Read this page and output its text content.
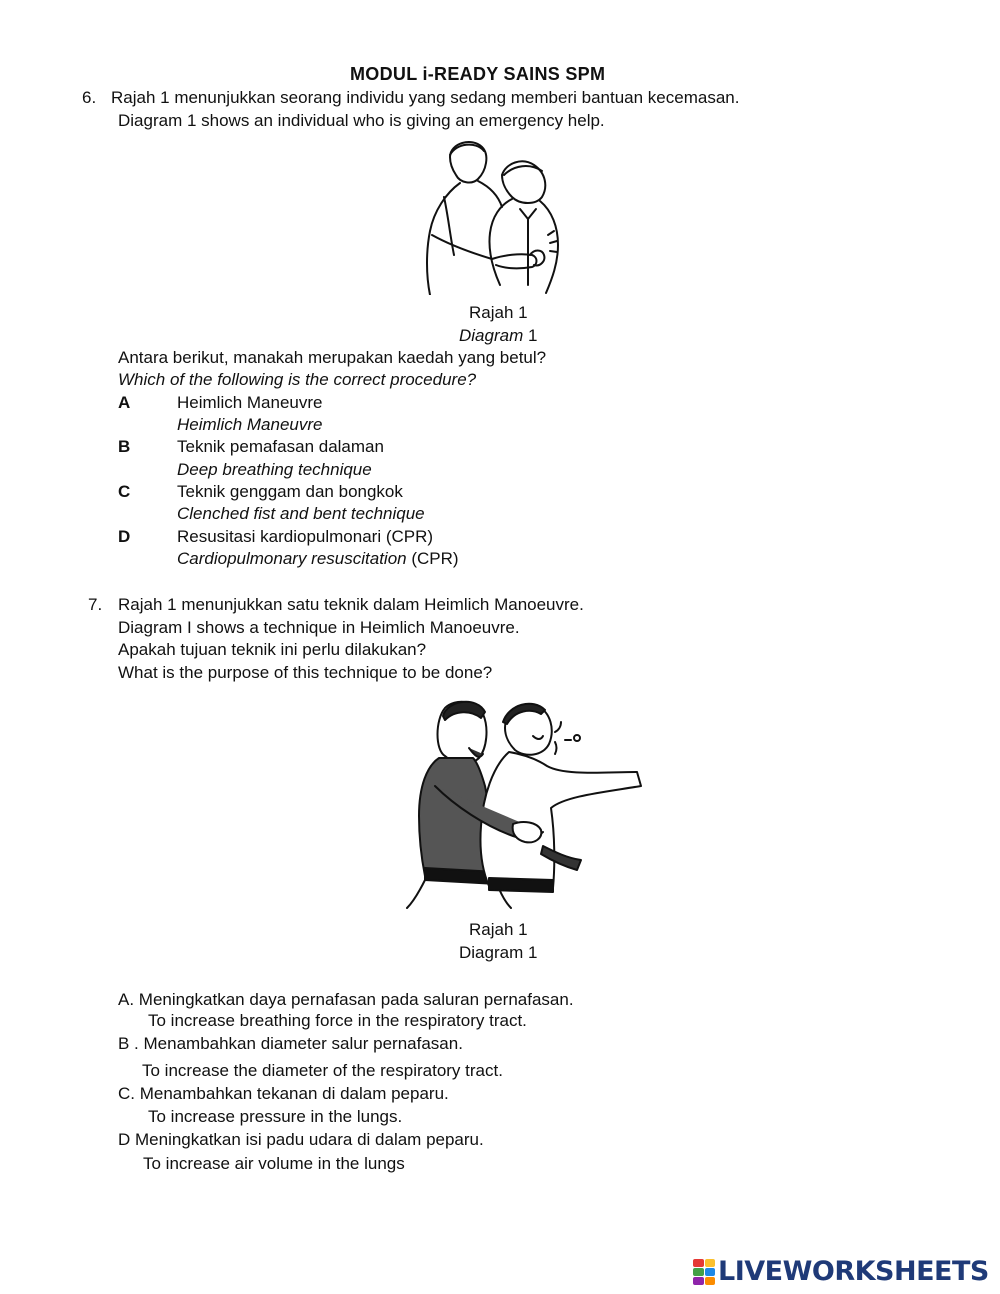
MODUL i-READY SAINS SPM
6. Rajah 1 menunjukkan seorang individu yang sedang memberi bantuan kecemasan.
Diagram 1 shows an individual who is giving an emergency help.
Rajah 1
Diagram 1
Antara berikut, manakah merupakan kaedah yang betul?
Which of the following is the correct procedure?
A	Heimlich Maneuvre
Heimlich Maneuvre
B	Teknik pemafasan dalaman
Deep breathing technique
C	Teknik genggam dan bongkok
Clenched fist and bent technique
D	Resusitasi kardiopulmonari (CPR)
Cardiopulmonary resuscitation (CPR)
7. Rajah 1 menunjukkan satu teknik dalam Heimlich Manoeuvre.
Diagram I shows a technique in Heimlich Manoeuvre.
Apakah tujuan teknik ini perlu dilakukan?
What is the purpose of this technique to be done?
Rajah 1
Diagram 1
A. Meningkatkan daya pernafasan pada saluran pernafasan.
To increase breathing force in the respiratory tract.
B . Menambahkan diameter salur pernafasan.
To increase the diameter of the respiratory tract.
C. Menambahkan tekanan di dalam peparu.
To increase pressure in the lungs.
D Meningkatkan isi padu udara di dalam peparu.
To increase air volume in the lungs
LIVEWORKSHEETS
